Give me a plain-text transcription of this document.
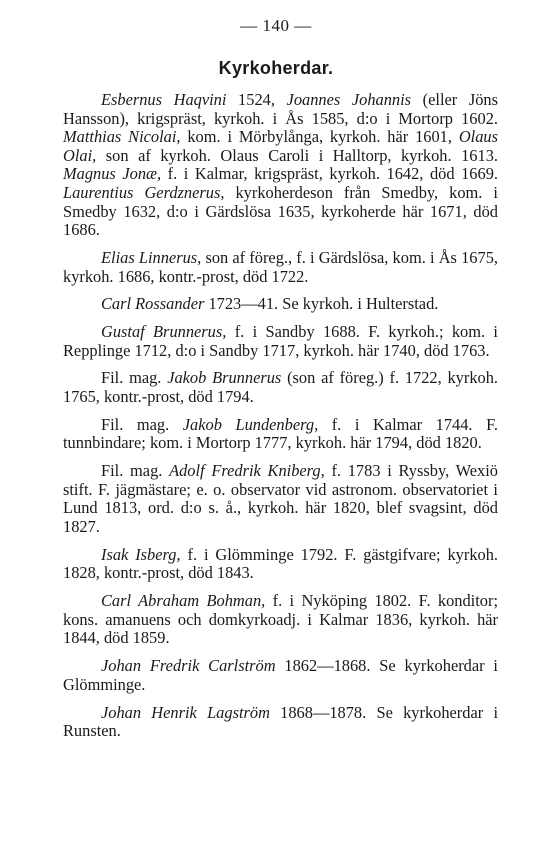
— 140 —
Kyrkoherdar.

Esbernus Haqvini 1524, Joannes Johannis (eller Jöns Hansson), krigspräst, kyrkoh. i Ås 1585, d:o i Mortorp 1602. Matthias Nicolai, kom. i Mörbylånga, kyrkoh. här 1601, Olaus Olai, son af kyrkoh. Olaus Caroli i Halltorp, kyrkoh. 1613. Magnus Jonæ, f. i Kalmar, krigspräst, kyrkoh. 1642, död 1669. Laurentius Gerdznerus, kyrkoherdeson från Smedby, kom. i Smedby 1632, d:o i Gärdslösa 1635, kyrkoherde här 1671, död 1686.

Elias Linnerus, son af föreg., f. i Gärdslösa, kom. i Ås 1675, kyrkoh. 1686, kontr.-prost, död 1722.

Carl Rossander 1723—41. Se kyrkoh. i Hulterstad.

Gustaf Brunnerus, f. i Sandby 1688. F. kyrkoh.; kom. i Repplinge 1712, d:o i Sandby 1717, kyrkoh. här 1740, död 1763.

Fil. mag. Jakob Brunnerus (son af föreg.) f. 1722, kyrkoh. 1765, kontr.-prost, död 1794.

Fil. mag. Jakob Lundenberg, f. i Kalmar 1744. F. tunnbindare; kom. i Mortorp 1777, kyrkoh. här 1794, död 1820.

Fil. mag. Adolf Fredrik Kniberg, f. 1783 i Ryssby, Wexiö stift. F. jägmästare; e. o. observator vid astronom. observatoriet i Lund 1813, ord. d:o s. å., kyrkoh. här 1820, blef svagsint, död 1827.

Isak Isberg, f. i Glömminge 1792. F. gästgifvare; kyrkoh. 1828, kontr.-prost, död 1843.

Carl Abraham Bohman, f. i Nyköping 1802. F. konditor; kons. amanuens och domkyrkoadj. i Kalmar 1836, kyrkoh. här 1844, död 1859.

Johan Fredrik Carlström 1862—1868. Se kyrkoherdar i Glömminge.

Johan Henrik Lagström 1868—1878. Se kyrkoherdar i Runsten.
